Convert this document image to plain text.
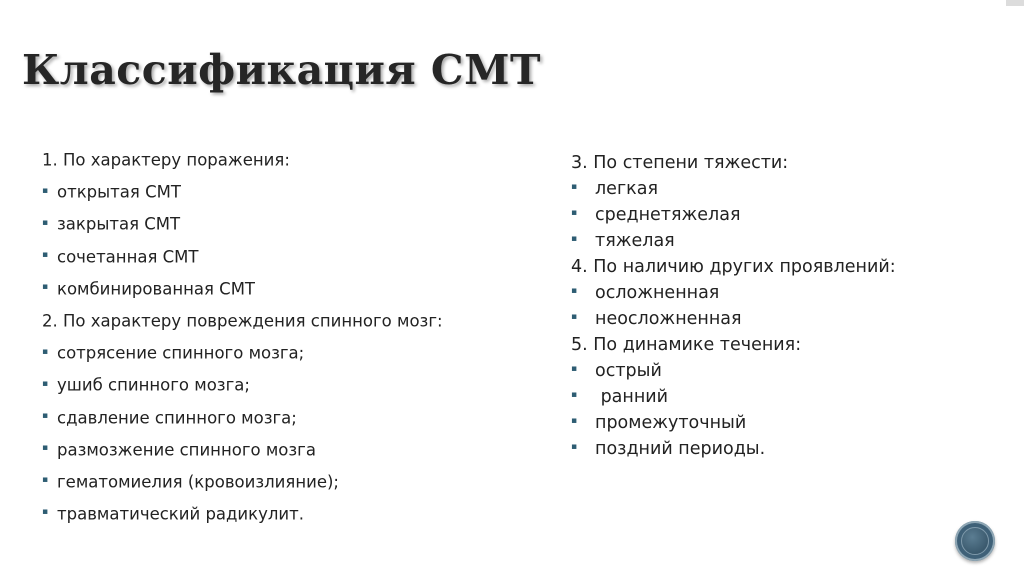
Классификация СМТ
1. По характеру поражения:
▪ открытая СМТ
▪ закрытая СМТ
▪ сочетанная СМТ
▪ комбинированная СМТ
2. По характеру повреждения спинного мозг:
▪ сотрясение спинного мозга;
▪ ушиб спинного мозга;
▪ сдавление спинного мозга;
▪ размозжение спинного мозга
▪ гематомиелия (кровоизлияние);
▪ травматический радикулит.
3. По степени тяжести:
▪ легкая
▪ среднетяжелая
▪ тяжелая
4. По наличию других проявлений:
▪ осложненная
▪ неосложненная
5. По динамике течения:
▪ острый
▪ ранний
▪ промежуточный
▪ поздний периоды.
